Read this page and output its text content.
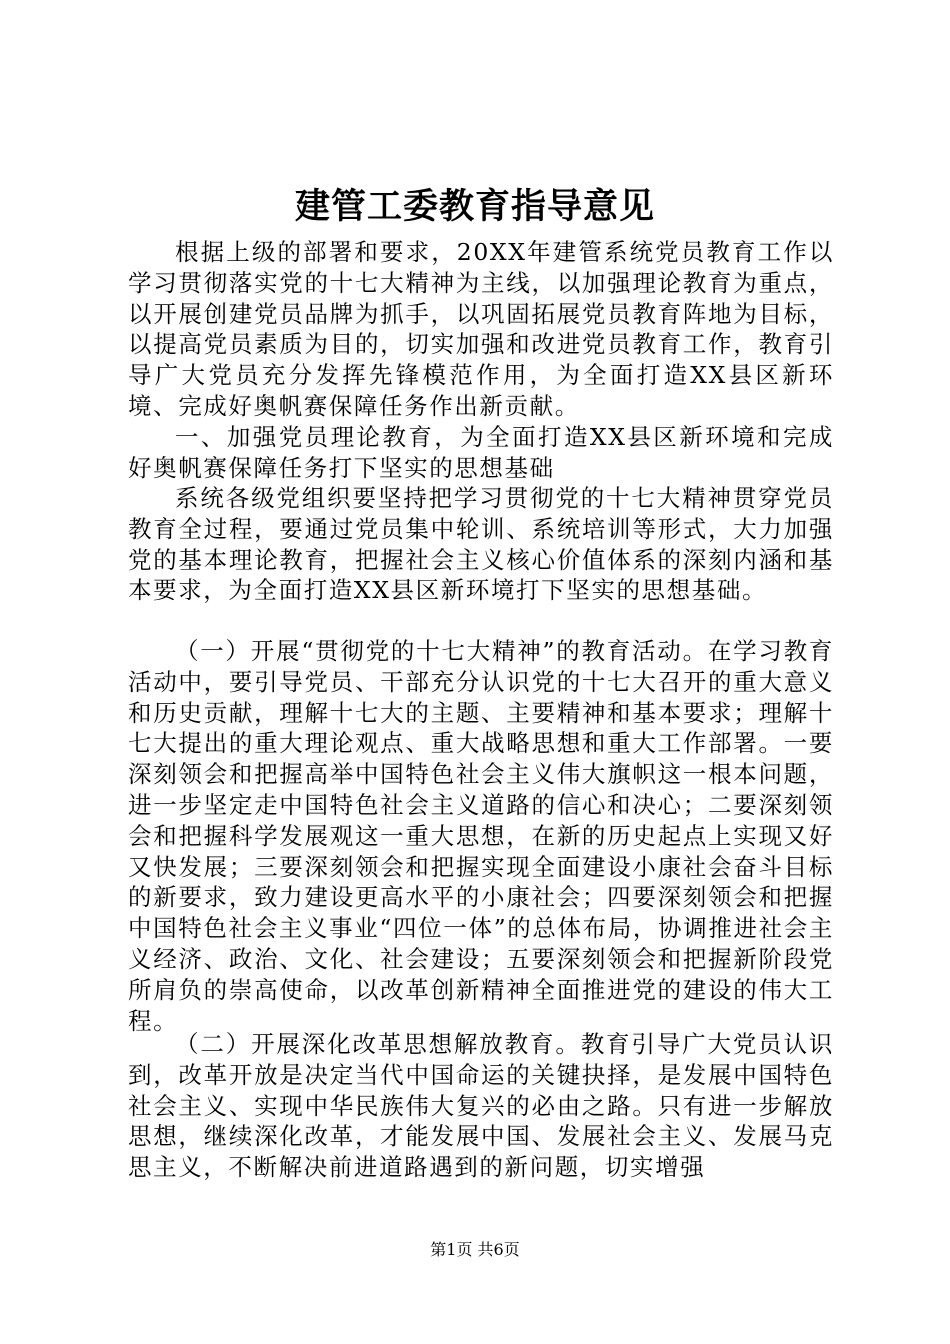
建管工委教育指导意见

根据上级的部署和要求，20XX年建管系统党员教育工作以学习贯彻落实党的十七大精神为主线，以加强理论教育为重点，以开展创建党员品牌为抓手，以巩固拓展党员教育阵地为目标，以提高党员素质为目的，切实加强和改进党员教育工作，教育引导广大党员充分发挥先锋模范作用，为全面打造XX县区新环境、完成好奥帆赛保障任务作出新贡献。

一、加强党员理论教育，为全面打造XX县区新环境和完成好奥帆赛保障任务打下坚实的思想基础

系统各级党组织要坚持把学习贯彻党的十七大精神贯穿党员教育全过程，要通过党员集中轮训、系统培训等形式，大力加强党的基本理论教育，把握社会主义核心价值体系的深刻内涵和基本要求，为全面打造XX县区新环境打下坚实的思想基础。

（一）开展“贯彻党的十七大精神”的教育活动。在学习教育活动中，要引导党员、干部充分认识党的十七大召开的重大意义和历史贡献，理解十七大的主题、主要精神和基本要求；理解十七大提出的重大理论观点、重大战略思想和重大工作部署。一要深刻领会和把握高举中国特色社会主义伟大旗帜这一根本问题，进一步坚定走中国特色社会主义道路的信心和决心；二要深刻领会和把握科学发展观这一重大思想，在新的历史起点上实现又好又快发展；三要深刻领会和把握实现全面建设小康社会奋斗目标的新要求，致力建设更高水平的小康社会；四要深刻领会和把握中国特色社会主义事业“四位一体”的总体布局，协调推进社会主义经济、政治、文化、社会建设；五要深刻领会和把握新阶段党所肩负的崇高使命，以改革创新精神全面推进党的建设的伟大工程。

（二）开展深化改革思想解放教育。教育引导广大党员认识到，改革开放是决定当代中国命运的关键抉择，是发展中国特色社会主义、实现中华民族伟大复兴的必由之路。只有进一步解放思想，继续深化改革，才能发展中国、发展社会主义、发展马克思主义，不断解决前进道路遇到的新问题，切实增强

第1页 共6页
